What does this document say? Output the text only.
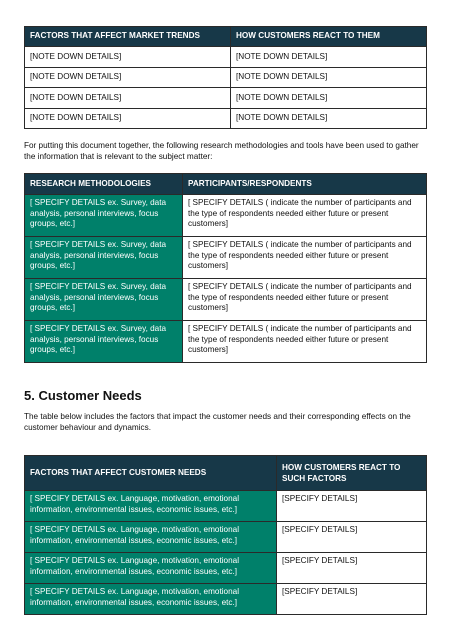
FACTORS THAT AFFECT MARKET TRENDS	HOW CUSTOMERS REACT TO THEM
[NOTE DOWN DETAILS]	[NOTE DOWN DETAILS]
[NOTE DOWN DETAILS]	[NOTE DOWN DETAILS]
[NOTE DOWN DETAILS]	[NOTE DOWN DETAILS]
[NOTE DOWN DETAILS]	[NOTE DOWN DETAILS]

For putting this document together, the following research methodologies and tools have been used to gather the information that is relevant to the subject matter:

RESEARCH METHODOLOGIES	PARTICIPANTS/RESPONDENTS
[ SPECIFY DETAILS ex. Survey, data analysis, personal interviews, focus groups, etc.]	[ SPECIFY DETAILS ( indicate the number of participants and the type of respondents needed either future or present customers]
[ SPECIFY DETAILS ex. Survey, data analysis, personal interviews, focus groups, etc.]	[ SPECIFY DETAILS ( indicate the number of participants and the type of respondents needed either future or present customers]
[ SPECIFY DETAILS ex. Survey, data analysis, personal interviews, focus groups, etc.]	[ SPECIFY DETAILS ( indicate the number of participants and the type of respondents needed either future or present customers]
[ SPECIFY DETAILS ex. Survey, data analysis, personal interviews, focus groups, etc.]	[ SPECIFY DETAILS ( indicate the number of participants and the type of respondents needed either future or present customers]
5. Customer Needs

The table below includes the factors that impact the customer needs and their corresponding effects on the customer behaviour and dynamics.

FACTORS THAT AFFECT CUSTOMER NEEDS	HOW CUSTOMERS REACT TO SUCH FACTORS
[ SPECIFY DETAILS ex. Language, motivation, emotional information, environmental issues, economic issues, etc.]	[SPECIFY DETAILS]
[ SPECIFY DETAILS ex. Language, motivation, emotional information, environmental issues, economic issues, etc.]	[SPECIFY DETAILS]
[ SPECIFY DETAILS ex. Language, motivation, emotional information, environmental issues, economic issues, etc.]	[SPECIFY DETAILS]
[ SPECIFY DETAILS ex. Language, motivation, emotional information, environmental issues, economic issues, etc.]	[SPECIFY DETAILS]
